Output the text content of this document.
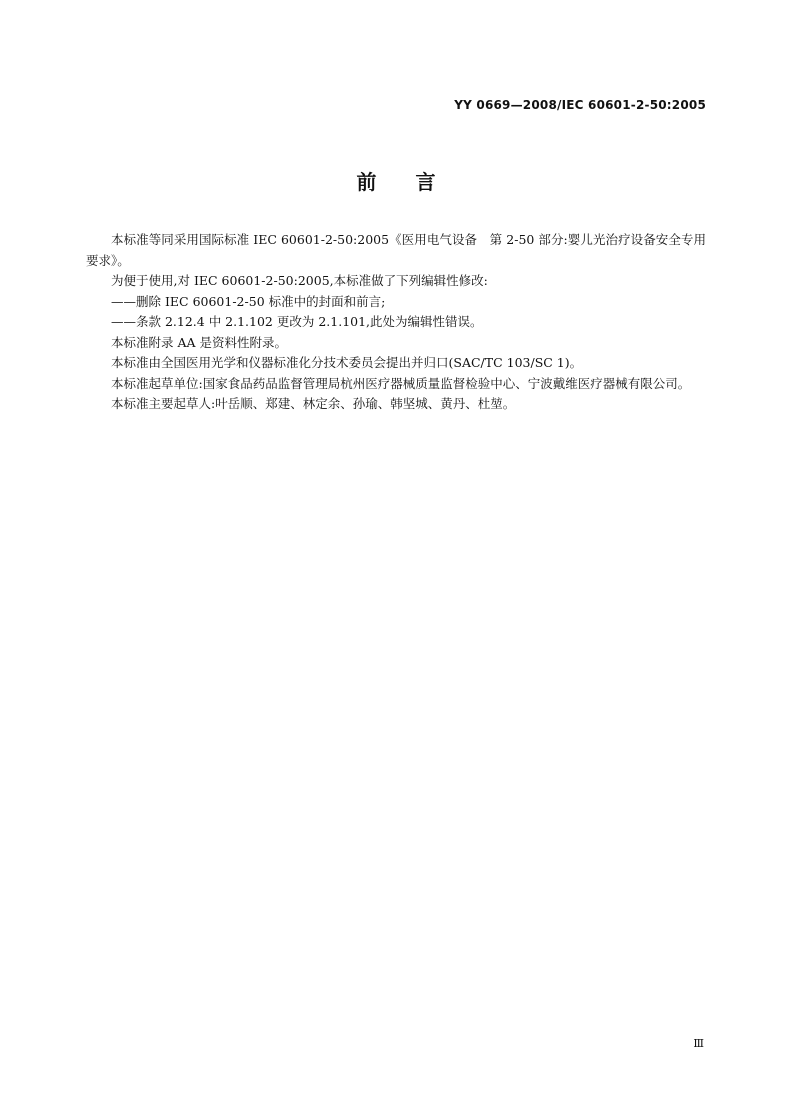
YY 0669—2008/IEC 60601-2-50:2005
前 言

本标准等同采用国际标准 IEC 60601-2-50:2005《医用电气设备　第 2-50 部分:婴儿光治疗设备安全专用要求》。

为便于使用,对 IEC 60601-2-50:2005,本标准做了下列编辑性修改:

——删除 IEC 60601-2-50 标准中的封面和前言;

——条款 2.12.4 中 2.1.102 更改为 2.1.101,此处为编辑性错误。

本标准附录 AA 是资料性附录。

本标准由全国医用光学和仪器标准化分技术委员会提出并归口(SAC/TC 103/SC 1)。

本标准起草单位:国家食品药品监督管理局杭州医疗器械质量监督检验中心、宁波戴维医疗器械有限公司。

本标准主要起草人:叶岳顺、郑建、林定余、孙瑜、韩坚城、黄丹、杜堃。

Ⅲ
